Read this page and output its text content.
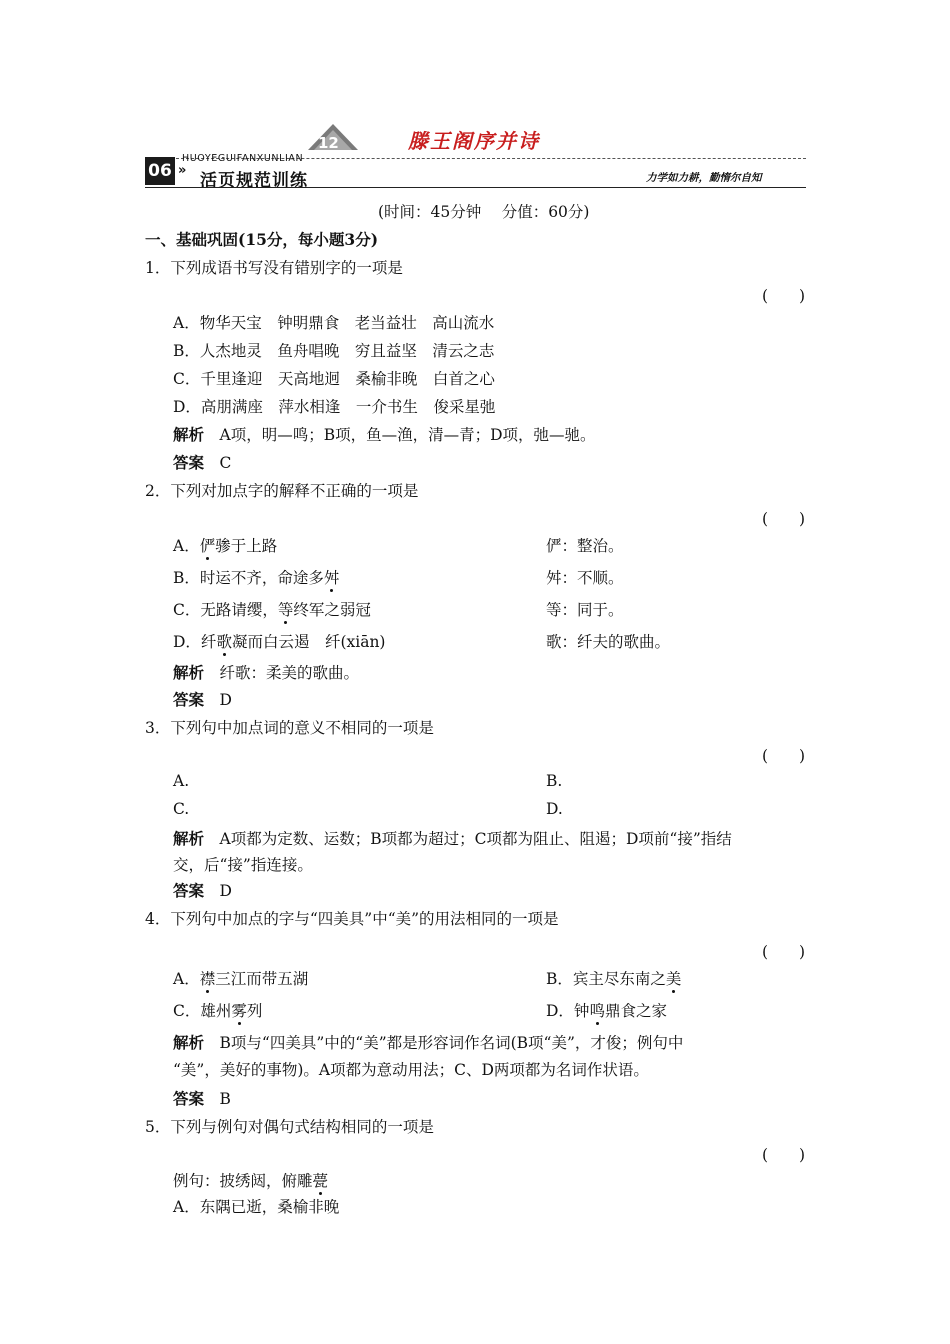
12	滕王阁序并诗
06 »
HUOYEGUIFANXUNLIAN
活页规范训练	力学如力耕，勤惰尔自知
(时间：45分钟　 分值：60分)
一、基础巩固(15分，每小题3分)
1．下列成语书写没有错别字的一项是
(　　)
A．物华天宝　钟明鼎食　老当益壮　高山流水
B．人杰地灵　鱼舟唱晚　穷且益坚　清云之志
C．千里逢迎　天高地迥　桑榆非晚　白首之心
D．高朋满座　萍水相逢　一介书生　俊采星弛
解析　 A项，明—鸣；B项，鱼—渔，清—青；D项，弛—驰。
答案　 C
2．下列对加点字的解释不正确的一项是
(　　)
A．俨骖于上路	俨：整治。
B．时运不齐，命途多舛	舛：不顺。
C．无路请缨，等终军之弱冠	等：同于。
D．纤歌凝而白云遏　纤(xiān)	歌：纤夫的歌曲。
解析　 纤歌：柔美的歌曲。
答案　 D
3．下列句中加点词的意义不相同的一项是
(　　)
A.	B.
C.	D.
解析　 A项都为定数、运数；B项都为超过；C项都为阻止、阻遏；D项前“接”指结
交，后“接”指连接。
答案　 D
4．下列句中加点的字与“四美具”中“美”的用法相同的一项是
(　　)
A．襟三江而带五湖	B．宾主尽东南之美
C．雄州雾列	D．钟鸣鼎食之家
解析　 B项与“四美具”中的“美”都是形容词作名词(B项“美”，才俊；例句中
“美”，美好的事物)。A项都为意动用法；C、D两项都为名词作状语。
答案　 B
5．下列与例句对偶句式结构相同的一项是
(　　)
例句：披绣闼，俯雕甍
A．东隅已逝，桑榆非晚
